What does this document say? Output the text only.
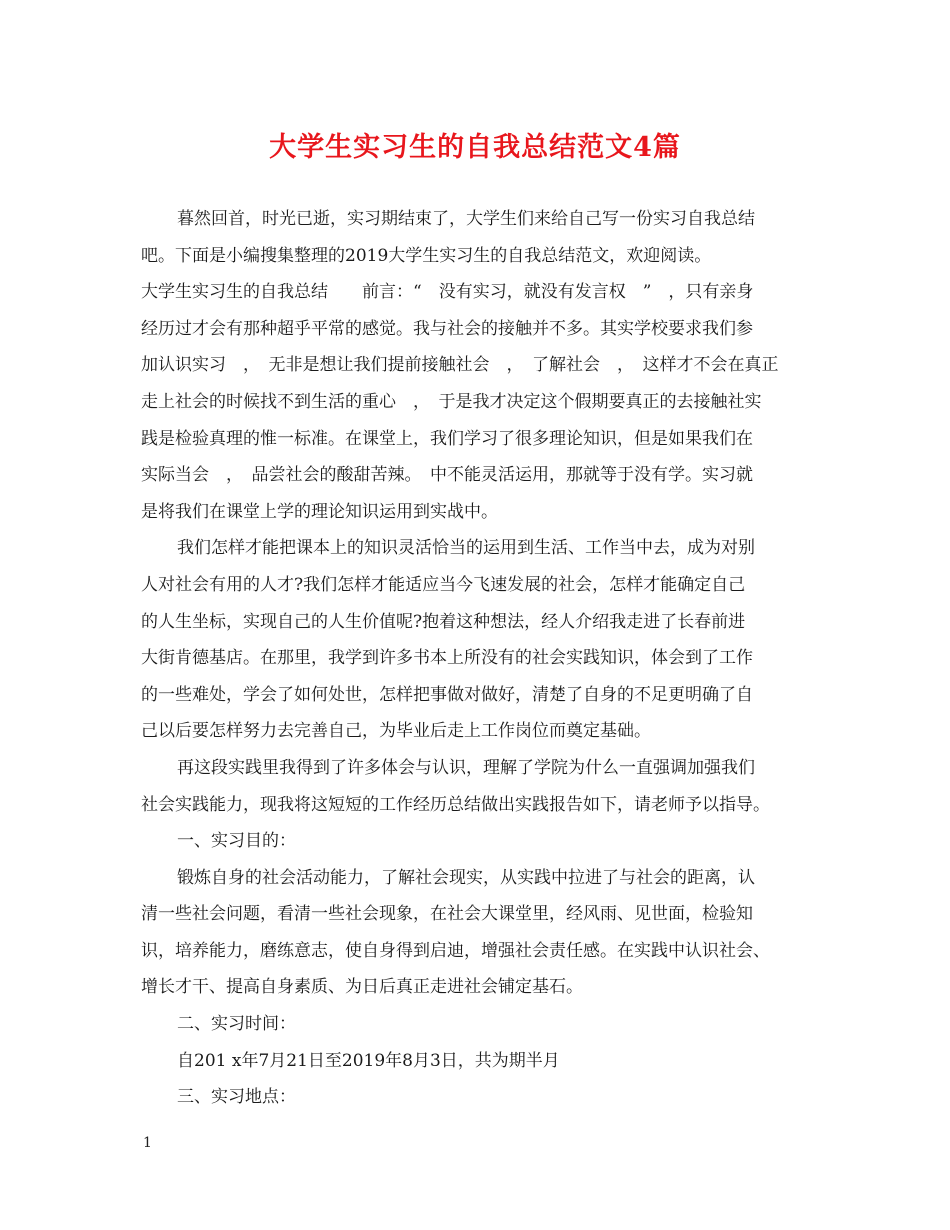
大学生实习生的自我总结范文4篇
暮然回首，时光已逝，实习期结束了，大学生们来给自己写一份实习自我总结
吧。下面是小编搜集整理的2019大学生实习生的自我总结范文，欢迎阅读。
大学生实习生的自我总结　　前言：“　没有实习，就没有发言权　”　，只有亲身
经历过才会有那种超乎平常的感觉。我与社会的接触并不多。其实学校要求我们参
加认识实习　，　无非是想让我们提前接触社会　，　了解社会　，　这样才不会在真正
走上社会的时候找不到生活的重心　，　于是我才决定这个假期要真正的去接触社实
践是检验真理的惟一标准。在课堂上，我们学习了很多理论知识，但是如果我们在
实际当会　，　品尝社会的酸甜苦辣。　中不能灵活运用，那就等于没有学。实习就
是将我们在课堂上学的理论知识运用到实战中。
我们怎样才能把课本上的知识灵活恰当的运用到生活、工作当中去，成为对别
人对社会有用的人才?我们怎样才能适应当今飞速发展的社会，怎样才能确定自己
的人生坐标，实现自己的人生价值呢?抱着这种想法，经人介绍我走进了长春前进
大街肯德基店。在那里，我学到许多书本上所没有的社会实践知识，体会到了工作
的一些难处，学会了如何处世，怎样把事做对做好，清楚了自身的不足更明确了自
己以后要怎样努力去完善自己，为毕业后走上工作岗位而奠定基础。
再这段实践里我得到了许多体会与认识，理解了学院为什么一直强调加强我们
社会实践能力，现我将这短短的工作经历总结做出实践报告如下，请老师予以指导。
一、实习目的：
锻炼自身的社会活动能力，了解社会现实，从实践中拉进了与社会的距离，认
清一些社会问题，看清一些社会现象，在社会大课堂里，经风雨、见世面，检验知
识，培养能力，磨练意志，使自身得到启迪，增强社会责任感。在实践中认识社会、
增长才干、提高自身素质、为日后真正走进社会铺定基石。
二、实习时间：
自201 x年7月21日至2019年8月3日，共为期半月
三、实习地点：
1
